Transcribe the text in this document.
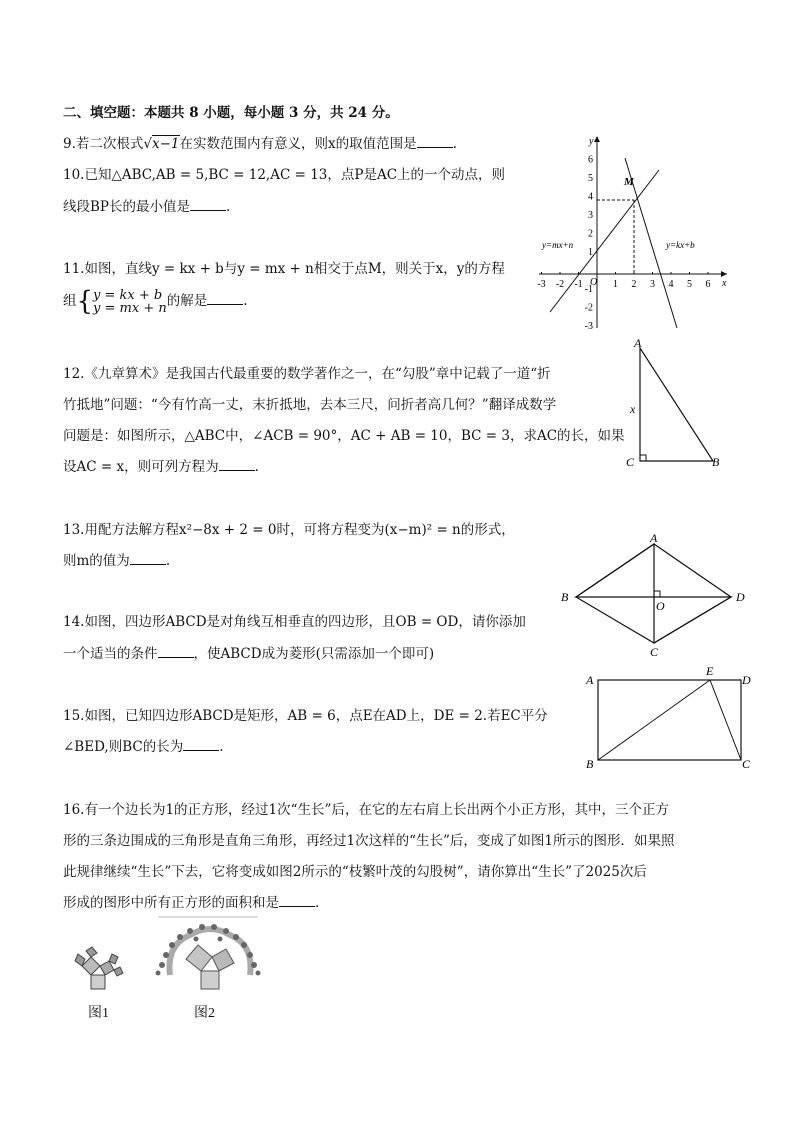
二、填空题：本题共 8 小题，每小题 3 分，共 24 分。
9.若二次根式√x−1在实数范围内有意义，则x的取值范围是	.
10.已知△ABC,AB = 5,BC = 12,AC = 13，点P是AC上的一个动点，则
线段BP长的最小值是	.
11.如图，直线y = kx + b与y = mx + n相交于点M，则关于x，y的方程
组{y = kx + b
y = mx + n的解是	.
12.《九章算术》是我国古代最重要的数学著作之一，在“勾股”章中记载了一道“折
竹抵地”问题：“今有竹高一丈，末折抵地，去本三尺，问折者高几何？”翻译成数学
问题是：如图所示，△ABC中，∠ACB = 90°，AC + AB = 10，BC = 3，求AC的长，如果
设AC = x，则可列方程为	.
13.用配方法解方程x²−8x + 2 = 0时，可将方程变为(x−m)² = n的形式，
则m的值为	.
14.如图，四边形ABCD是对角线互相垂直的四边形，且OB = OD，请你添加
一个适当的条件	，使ABCD成为菱形(只需添加一个即可)
15.如图，已知四边形ABCD是矩形，AB = 6，点E在AD上，DE = 2.若EC平分
∠BED,则BC的长为	.
16.有一个边长为1的正方形，经过1次“生长”后，在它的左右肩上长出两个小正方形，其中，三个正方
形的三条边围成的三角形是直角三角形，再经过1次这样的“生长”后，变成了如图1所示的图形．如果照
此规律继续“生长”下去，它将变成如图2所示的“枝繁叶茂的勾股树”，请你算出“生长”了2025次后
形成的图形中所有正方形的面积和是	.
y
x
O
-3 -2 -1	1 2 3 4 5 6
6
5
4
3
2
1
-1
-2
-3
M
y=mx+n	y=kx+b
A
C	B
x
A
B
C
D
O
A
E
D
B	C
图1	图2
